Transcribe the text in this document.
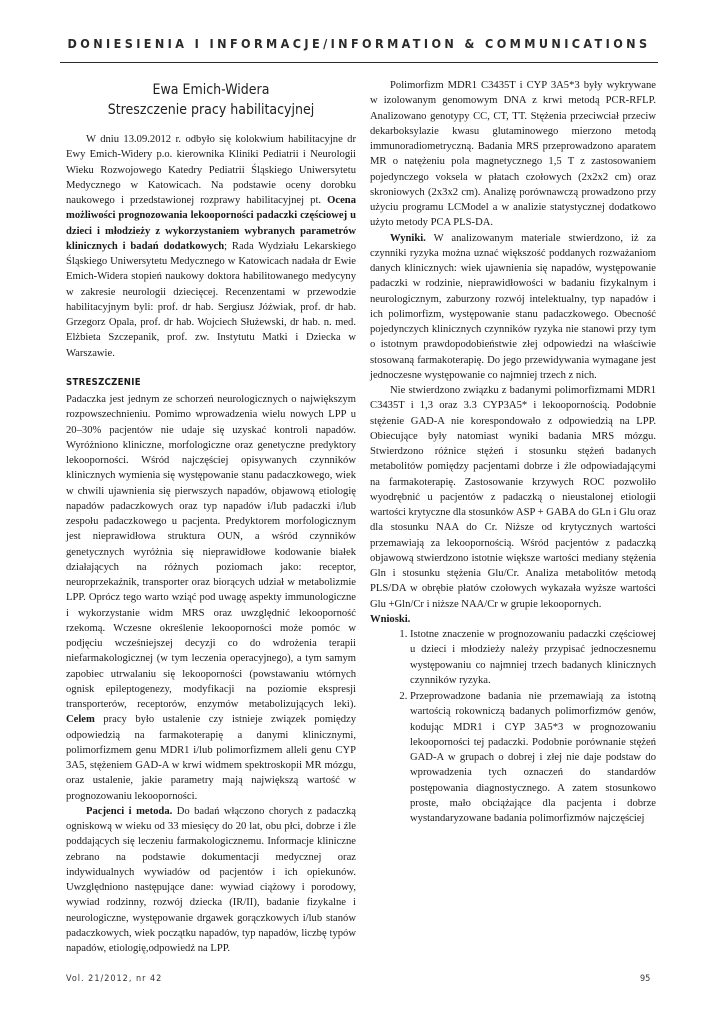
DONIESIENIA I INFORMACJE/INFORMATION & COMMUNICATIONS
Ewa Emich-Widera
Streszczenie pracy habilitacyjnej

W dniu 13.09.2012 r. odbyło się kolokwium habilitacyjne dr Ewy Emich-Widery p.o. kierownika Kliniki Pediatrii i Neurologii Wieku Rozwojowego Katedry Pediatrii Śląskiego Uniwersytetu Medycznego w Katowicach. Na podstawie oceny dorobku naukowego i przedstawionej rozprawy habilitacyjnej pt. Ocena możliwości prognozowania lekooporności padaczki częściowej u dzieci i młodzieży z wykorzystaniem wybranych parametrów klinicznych i badań dodatkowych; Rada Wydziału Lekarskiego Śląskiego Uniwersytetu Medycznego w Katowicach nadała dr Ewie Emich-Widera stopień naukowy doktora habilitowanego medycyny w zakresie neurologii dziecięcej. Recenzentami w przewodzie habilitacyjnym byli: prof. dr hab. Sergiusz Jóźwiak, prof. dr hab. Grzegorz Opala, prof. dr hab. Wojciech Służewski, dr hab. n. med. Elżbieta Szczepanik, prof. zw. Instytutu Matki i Dziecka w Warszawie.

STRESZCZENIE

Padaczka jest jednym ze schorzeń neurologicznych o największym rozpowszechnieniu. Pomimo wprowadzenia wielu nowych LPP u 20–30% pacjentów nie udaje się uzyskać kontroli napadów. Wyróżniono kliniczne, morfologiczne oraz genetyczne predyktory lekooporności. Wśród najczęściej opisywanych czynników klinicznych wymienia się występowanie stanu padaczkowego, wiek w chwili ujawnienia się pierwszych napadów, objawową etiologię napadów padaczkowych oraz typ napadów i/lub padaczki i/lub zespołu padaczkowego u pacjenta. Predyktorem morfologicznym jest nieprawidłowa struktura OUN, a wśród czynników genetycznych wyróżnia się nieprawidłowe kodowanie białek działających na różnych poziomach jako: receptor, neuroprzekaźnik, transporter oraz biorących udział w metabolizmie LPP. Oprócz tego warto wziąć pod uwagę aspekty immunologiczne i wykorzystanie widm MRS oraz uwzględnić lekooporność rzekomą. Wczesne określenie lekooporności może pomóc w podjęciu wcześniejszej decyzji co do wdrożenia terapii niefarmakologicznej (w tym leczenia operacyjnego), a tym samym zapobiec utrwalaniu się lekooporności (powstawaniu wtórnych ognisk epileptogenezy, modyfikacji na poziomie ekspresji transporterów, receptorów, enzymów metabolizujących leki). Celem pracy było ustalenie czy istnieje związek pomiędzy odpowiedzią na farmakoterapię a danymi klinicznymi, polimorfizmem genu MDR1 i/lub polimorfizmem alleli genu CYP 3A5, stężeniem GAD-A w krwi widmem spektroskopii MR mózgu, oraz ustalenie, jakie parametry mają największą wartość w prognozowaniu lekooporności.

Pacjenci i metoda. Do badań włączono chorych z padaczką ogniskową w wieku od 33 miesięcy do 20 lat, obu płci, dobrze i źle poddających się leczeniu farmakologicznemu. Informacje kliniczne zebrano na podstawie dokumentacji medycznej oraz indywidualnych wywiadów od pacjentów i ich opiekunów. Uwzględniono następujące dane: wywiad ciążowy i porodowy, wywiad rodzinny, rozwój dziecka (IR/II), badanie fizykalne i neurologiczne, występowanie drgawek gorączkowych i/lub stanów padaczkowych, wiek początku napadów, typ napadów, liczbę typów napadów, etiologię,odpowiedź na LPP.

Polimorfizm MDR1 C3435T i CYP 3A5*3 były wykrywane w izolowanym genomowym DNA z krwi metodą PCR-RFLP. Analizowano genotypy CC, CT, TT. Stężenia przeciwciał przeciw dekarboksylazie kwasu glutaminowego mierzono metodą immunoradiometryczną. Badania MRS przeprowadzono aparatem MR o natężeniu pola magnetycznego 1,5 T z zastosowaniem pojedynczego voksela w płatach czołowych (2x2x2 cm) oraz skroniowych (2x3x2 cm). Analizę porównawczą prowadzono przy użyciu programu LCModel a w analizie statystycznej dodatkowo użyto metody PCA PLS-DA.

Wyniki. W analizowanym materiale stwierdzono, iż za czynniki ryzyka można uznać większość poddanych rozważaniom danych klinicznych: wiek ujawnienia się napadów, występowanie padaczki w rodzinie, nieprawidłowości w badaniu fizykalnym i neurologicznym, zaburzony rozwój intelektualny, typ napadów i ich polimorfizm, występowanie stanu padaczkowego. Obecność pojedynczych klinicznych czynników ryzyka nie stanowi przy tym o istotnym prawdopodobieństwie złej odpowiedzi na właściwie stosowaną farmakoterapię. Do jego przewidywania wymagane jest jednoczesne występowanie co najmniej trzech z nich.

Nie stwierdzono związku z badanymi polimorfizmami MDR1 C3435T i 1,3 oraz 3.3 CYP3A5* i lekoopornością. Podobnie stężenie GAD-A nie korespondowało z odpowiedzią na LPP. Obiecujące były natomiast wyniki badania MRS mózgu. Stwierdzono różnice stężeń i stosunku stężeń badanych metabolitów pomiędzy pacjentami dobrze i źle odpowiadającymi na farmakoterapię. Zastosowanie krzywych ROC pozwoliło wyodrębnić u pacjentów z padaczką o nieustalonej etiologii wartości krytyczne dla stosunków ASP + GABA do GLn i Glu oraz dla stosunku NAA do Cr. Niższe od krytycznych wartości przemawiają za lekoopornością. Wśród pacjentów z padaczką objawową stwierdzono istotnie większe wartości mediany stężenia Gln i stosunku stężenia Glu/Cr. Analiza metabolitów metodą PLS/DA w obrębie płatów czołowych wykazała wyższe wartości Glu +Gln/Cr i niższe NAA/Cr w grupie lekoopornych.

Wnioski.
1. Istotne znaczenie w prognozowaniu padaczki częściowej u dzieci i młodzieży należy przypisać jednoczesnemu występowaniu co najmniej trzech badanych klinicznych czynników ryzyka.
2. Przeprowadzone badania nie przemawiają za istotną wartością rokowniczą badanych polimorfizmów genów, kodując MDR1 i CYP 3A5*3 w prognozowaniu lekooporności tej padaczki. Podobnie porównanie stężeń GAD-A w grupach o dobrej i złej nie daje podstaw do wprowadzenia tych oznaczeń do standardów postępowania diagnostycznego. A zatem stosunkowo proste, mało obciążające dla pacjenta i dobrze wystandaryzowane badania polimorfizmów najczęściej
Vol. 21/2012, nr 42	95
